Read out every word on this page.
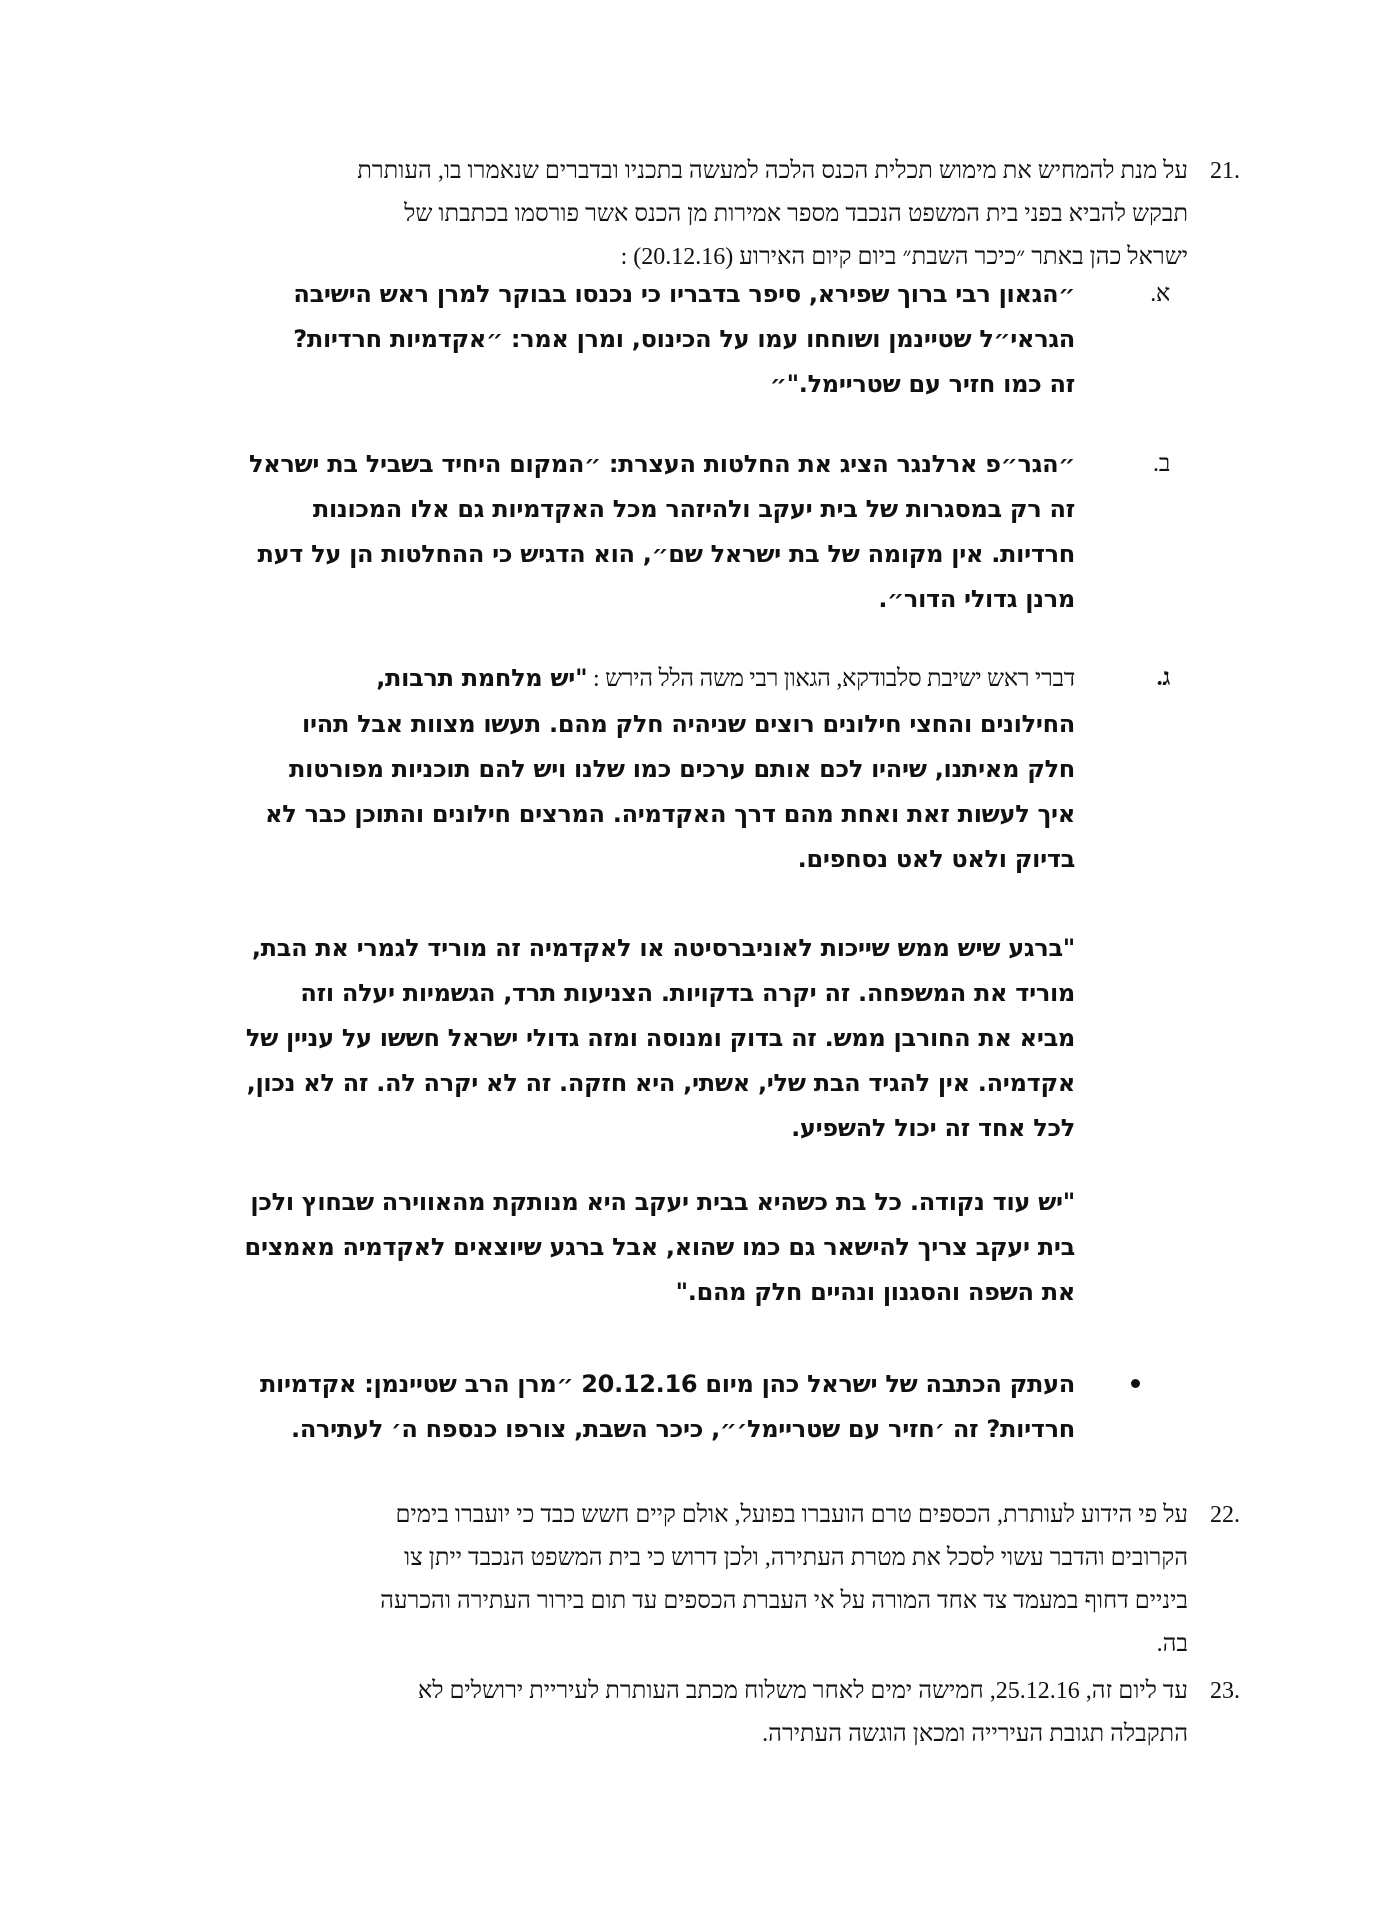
21.
על מנת להמחיש את מימוש תכלית הכנס הלכה למעשה בתכניו ובדברים שנאמרו בו, העותרת
תבקש להביא בפני בית המשפט הנכבד מספר אמירות מן הכנס אשר פורסמו בכתבתו של
ישראל כהן באתר ״כיכר השבת״ ביום קיום האירוע (20.12.16) :
א.
״הגאון רבי ברוך שפירא, סיפר בדבריו כי נכנסו בבוקר למרן ראש הישיבה
הגראי״ל שטיינמן ושוחחו עמו על הכינוס, ומרן אמר: ״אקדמיות חרדיות?
זה כמו חזיר עם שטריימל."״
ב.
״הגר״פ ארלנגר הציג את החלטות העצרת: ״המקום היחיד בשביל בת ישראל
זה רק במסגרות של בית יעקב ולהיזהר מכל האקדמיות גם אלו המכונות
חרדיות. אין מקומה של בת ישראל שם״, הוא הדגיש כי ההחלטות הן על דעת
מרנן גדולי הדור״.
ג.
דברי ראש ישיבת סלבודקא, הגאון רבי משה הלל הירש : "יש מלחמת תרבות,
החילונים והחצי חילונים רוצים שניהיה חלק מהם. תעשו מצוות אבל תהיו
חלק מאיתנו, שיהיו לכם אותם ערכים כמו שלנו ויש להם תוכניות מפורטות
איך לעשות זאת ואחת מהם דרך האקדמיה. המרצים חילונים והתוכן כבר לא
בדיוק ולאט לאט נסחפים.
"ברגע שיש ממש שייכות לאוניברסיטה או לאקדמיה זה מוריד לגמרי את הבת,
מוריד את המשפחה. זה יקרה בדקויות. הצניעות תרד, הגשמיות יעלה וזה
מביא את החורבן ממש. זה בדוק ומנוסה ומזה גדולי ישראל חששו על עניין של
אקדמיה. אין להגיד הבת שלי, אשתי, היא חזקה. זה לא יקרה לה. זה לא נכון,
לכל אחד זה יכול להשפיע.
"יש עוד נקודה. כל בת כשהיא בבית יעקב היא מנותקת מהאווירה שבחוץ ולכן
בית יעקב צריך להישאר גם כמו שהוא, אבל ברגע שיוצאים לאקדמיה מאמצים
את השפה והסגנון ונהיים חלק מהם."
העתק הכתבה של ישראל כהן מיום 20.12.16 ״מרן הרב שטיינמן: אקדמיות
חרדיות? זה ׳חזיר עם שטריימל׳״, כיכר השבת, צורפו כנספח ה׳ לעתירה.
22.
על פי הידוע לעותרת, הכספים טרם הועברו בפועל, אולם קיים חשש כבד כי יועברו בימים
הקרובים והדבר עשוי לסכל את מטרת העתירה, ולכן דרוש כי בית המשפט הנכבד ייתן צו
ביניים דחוף במעמד צד אחד המורה על אי העברת הכספים עד תום בירור העתירה והכרעה
בה.
23.
עד ליום זה, 25.12.16, חמישה ימים לאחר משלוח מכתב העותרת לעיריית ירושלים לא
התקבלה תגובת העירייה ומכאן הוגשה העתירה.
